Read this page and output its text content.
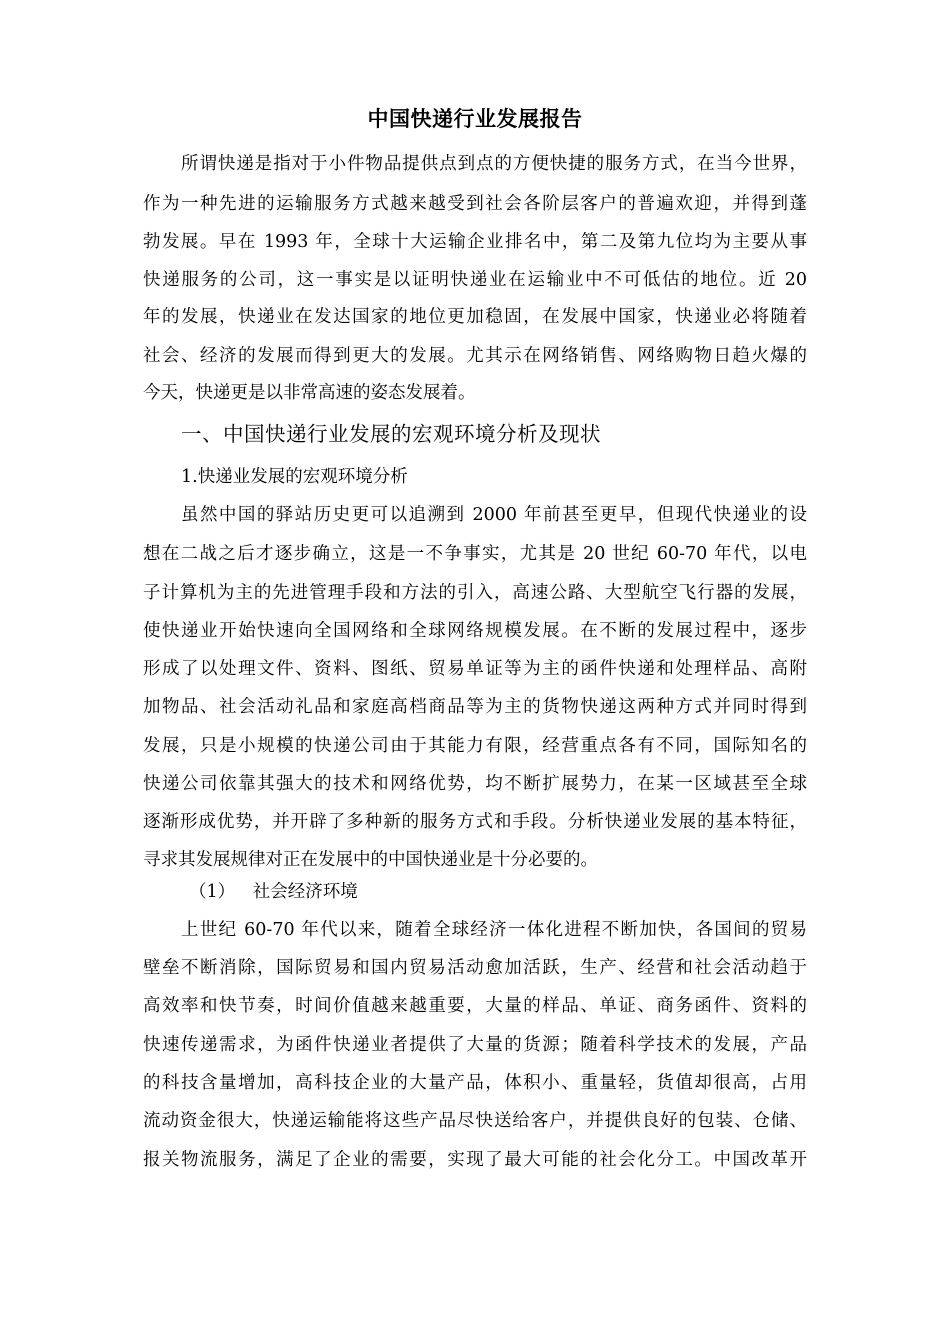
中国快递行业发展报告
所谓快递是指对于小件物品提供点到点的方便快捷的服务方式，在当今世界，
作为一种先进的运输服务方式越来越受到社会各阶层客户的普遍欢迎，并得到蓬
勃发展。早在 1993 年，全球十大运输企业排名中，第二及第九位均为主要从事
快递服务的公司，这一事实是以证明快递业在运输业中不可低估的地位。近 20
年的发展，快递业在发达国家的地位更加稳固，在发展中国家，快递业必将随着
社会、经济的发展而得到更大的发展。尤其示在网络销售、网络购物日趋火爆的
今天，快递更是以非常高速的姿态发展着。
一、中国快递行业发展的宏观环境分析及现状
1.快递业发展的宏观环境分析
虽然中国的驿站历史更可以追溯到 2000 年前甚至更早，但现代快递业的设
想在二战之后才逐步确立，这是一不争事实，尤其是 20 世纪 60-70 年代，以电
子计算机为主的先进管理手段和方法的引入，高速公路、大型航空飞行器的发展，
使快递业开始快速向全国网络和全球网络规模发展。在不断的发展过程中，逐步
形成了以处理文件、资料、图纸、贸易单证等为主的函件快递和处理样品、高附
加物品、社会活动礼品和家庭高档商品等为主的货物快递这两种方式并同时得到
发展，只是小规模的快递公司由于其能力有限，经营重点各有不同，国际知名的
快递公司依靠其强大的技术和网络优势，均不断扩展势力，在某一区域甚至全球
逐渐形成优势，并开辟了多种新的服务方式和手段。分析快递业发展的基本特征，
寻求其发展规律对正在发展中的中国快递业是十分必要的。
（1） 社会经济环境
上世纪 60-70 年代以来，随着全球经济一体化进程不断加快，各国间的贸易
壁垒不断消除，国际贸易和国内贸易活动愈加活跃，生产、经营和社会活动趋于
高效率和快节奏，时间价值越来越重要，大量的样品、单证、商务函件、资料的
快速传递需求，为函件快递业者提供了大量的货源；随着科学技术的发展，产品
的科技含量增加，高科技企业的大量产品，体积小、重量轻，货值却很高，占用
流动资金很大，快递运输能将这些产品尽快送给客户，并提供良好的包装、仓储、
报关物流服务，满足了企业的需要，实现了最大可能的社会化分工。中国改革开
